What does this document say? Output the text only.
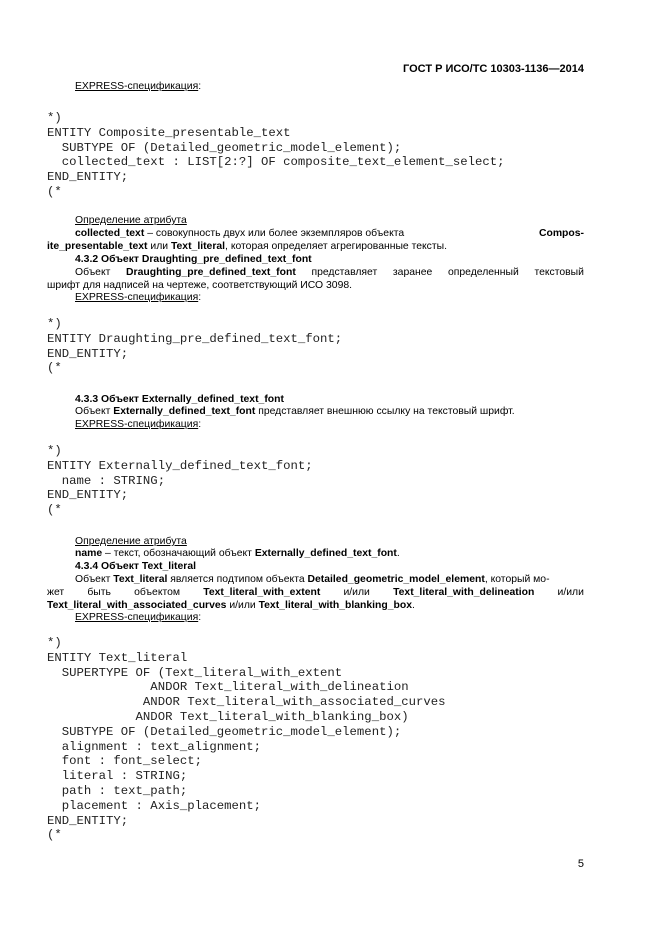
ГОСТ Р ИСО/ТС 10303-1136—2014
EXPRESS-спецификация:
*)
ENTITY Composite_presentable_text
SUBTYPE OF (Detailed_geometric_model_element);
collected_text : LIST[2:?] OF composite_text_element_select;
END_ENTITY;
(*
Определение атрибута
collected_text – совокупность двух или более экземпляров объекта	Compos-
ite_presentable_text или Text_literal, которая определяет агрегированные тексты.
4.3.2 Объект Draughting_pre_defined_text_font
Объект Draughting_pre_defined_text_font представляет заранее определенный текстовый
шрифт для надписей на чертеже, соответствующий ИСО 3098.
EXPRESS-спецификация:
*)
ENTITY Draughting_pre_defined_text_font;
END_ENTITY;
(*
4.3.3 Объект Externally_defined_text_font
Объект Externally_defined_text_font представляет внешнюю ссылку на текстовый шрифт.
EXPRESS-спецификация:
*)
ENTITY Externally_defined_text_font;
name : STRING;
END_ENTITY;
(*
Определение атрибута
name – текст, обозначающий объект Externally_defined_text_font.
4.3.4 Объект Text_literal
Объект Text_literal является подтипом объекта Detailed_geometric_model_element, который мо-
жет быть объектом Text_literal_with_extent и/или Text_literal_with_delineation и/или
Text_literal_with_associated_curves и/или Text_literal_with_blanking_box.
EXPRESS-спецификация:
*)
ENTITY Text_literal
SUPERTYPE OF (Text_literal_with_extent
ANDOR Text_literal_with_delineation
ANDOR Text_literal_with_associated_curves
ANDOR Text_literal_with_blanking_box)
SUBTYPE OF (Detailed_geometric_model_element);
alignment : text_alignment;
font : font_select;
literal : STRING;
path : text_path;
placement : Axis_placement;
END_ENTITY;
(*
5
